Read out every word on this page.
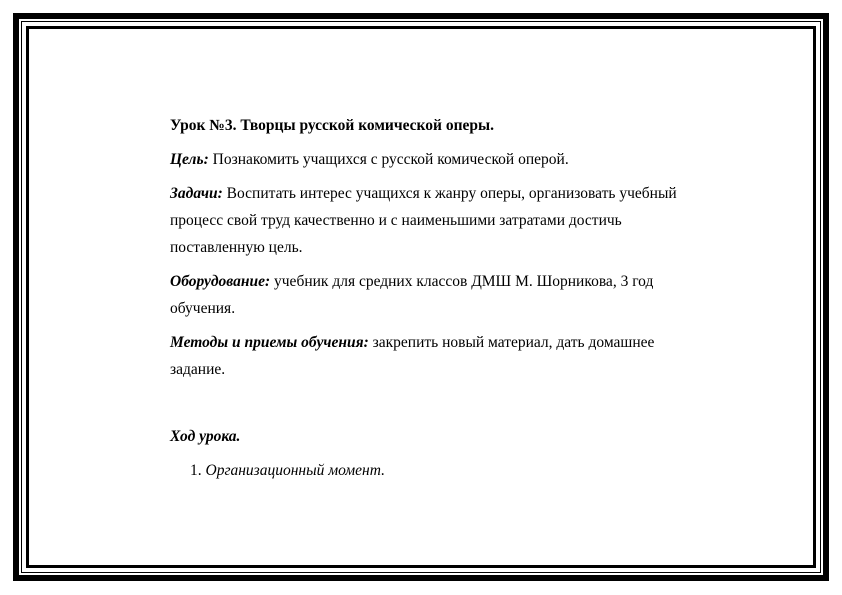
Урок №3. Творцы русской комической оперы.
Цель: Познакомить учащихся с русской комической оперой.
Задачи: Воспитать интерес учащихся к жанру оперы, организовать учебный процесс свой труд качественно и с наименьшими затратами достичь поставленную цель.
Оборудование: учебник для средних классов ДМШ М. Шорникова, 3 год обучения.
Методы и приемы обучения: закрепить новый материал, дать домашнее задание.
Ход урока.
1. Организационный момент.
